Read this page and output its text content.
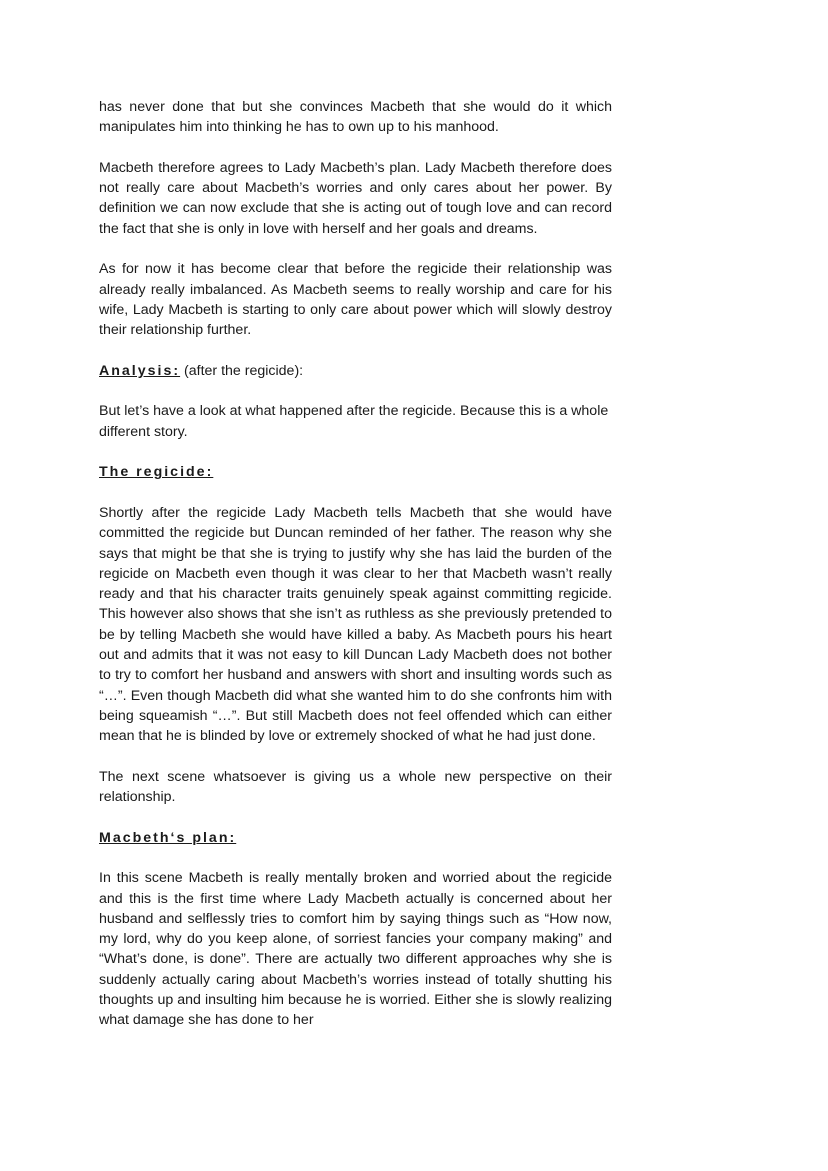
has never done that but she convinces Macbeth that she would do it which manipulates him into thinking he has to own up to his manhood.

Macbeth therefore agrees to Lady Macbeth’s plan. Lady Macbeth therefore does not really care about Macbeth’s worries and only cares about her power. By definition we can now exclude that she is acting out of tough love and can record the fact that she is only in love with herself and her goals and dreams.

As for now it has become clear that before the regicide their relationship was already really imbalanced. As Macbeth seems to really worship and care for his wife, Lady Macbeth is starting to only care about power which will slowly destroy their relationship further.

Analysis: (after the regicide):

But let’s have a look at what happened after the regicide. Because this is a whole different story.

The regicide:

Shortly after the regicide Lady Macbeth tells Macbeth that she would have committed the regicide but Duncan reminded of her father. The reason why she says that might be that she is trying to justify why she has laid the burden of the regicide on Macbeth even though it was clear to her that Macbeth wasn’t really ready and that his character traits genuinely speak against committing regicide. This however also shows that she isn’t as ruthless as she previously pretended to be by telling Macbeth she would have killed a baby. As Macbeth pours his heart out and admits that it was not easy to kill Duncan Lady Macbeth does not bother to try to comfort her husband and answers with short and insulting words such as “…”. Even though Macbeth did what she wanted him to do she confronts him with being squeamish “…”. But still Macbeth does not feel offended which can either mean that he is blinded by love or extremely shocked of what he had just done.

The next scene whatsoever is giving us a whole new perspective on their relationship.

Macbeth‘s plan:

In this scene Macbeth is really mentally broken and worried about the regicide and this is the first time where Lady Macbeth actually is concerned about her husband and selflessly tries to comfort him by saying things such as “How now, my lord, why do you keep alone, of sorriest fancies your company making” and “What’s done, is done”. There are actually two different approaches why she is suddenly actually caring about Macbeth’s worries instead of totally shutting his thoughts up and insulting him because he is worried. Either she is slowly realizing what damage she has done to her
